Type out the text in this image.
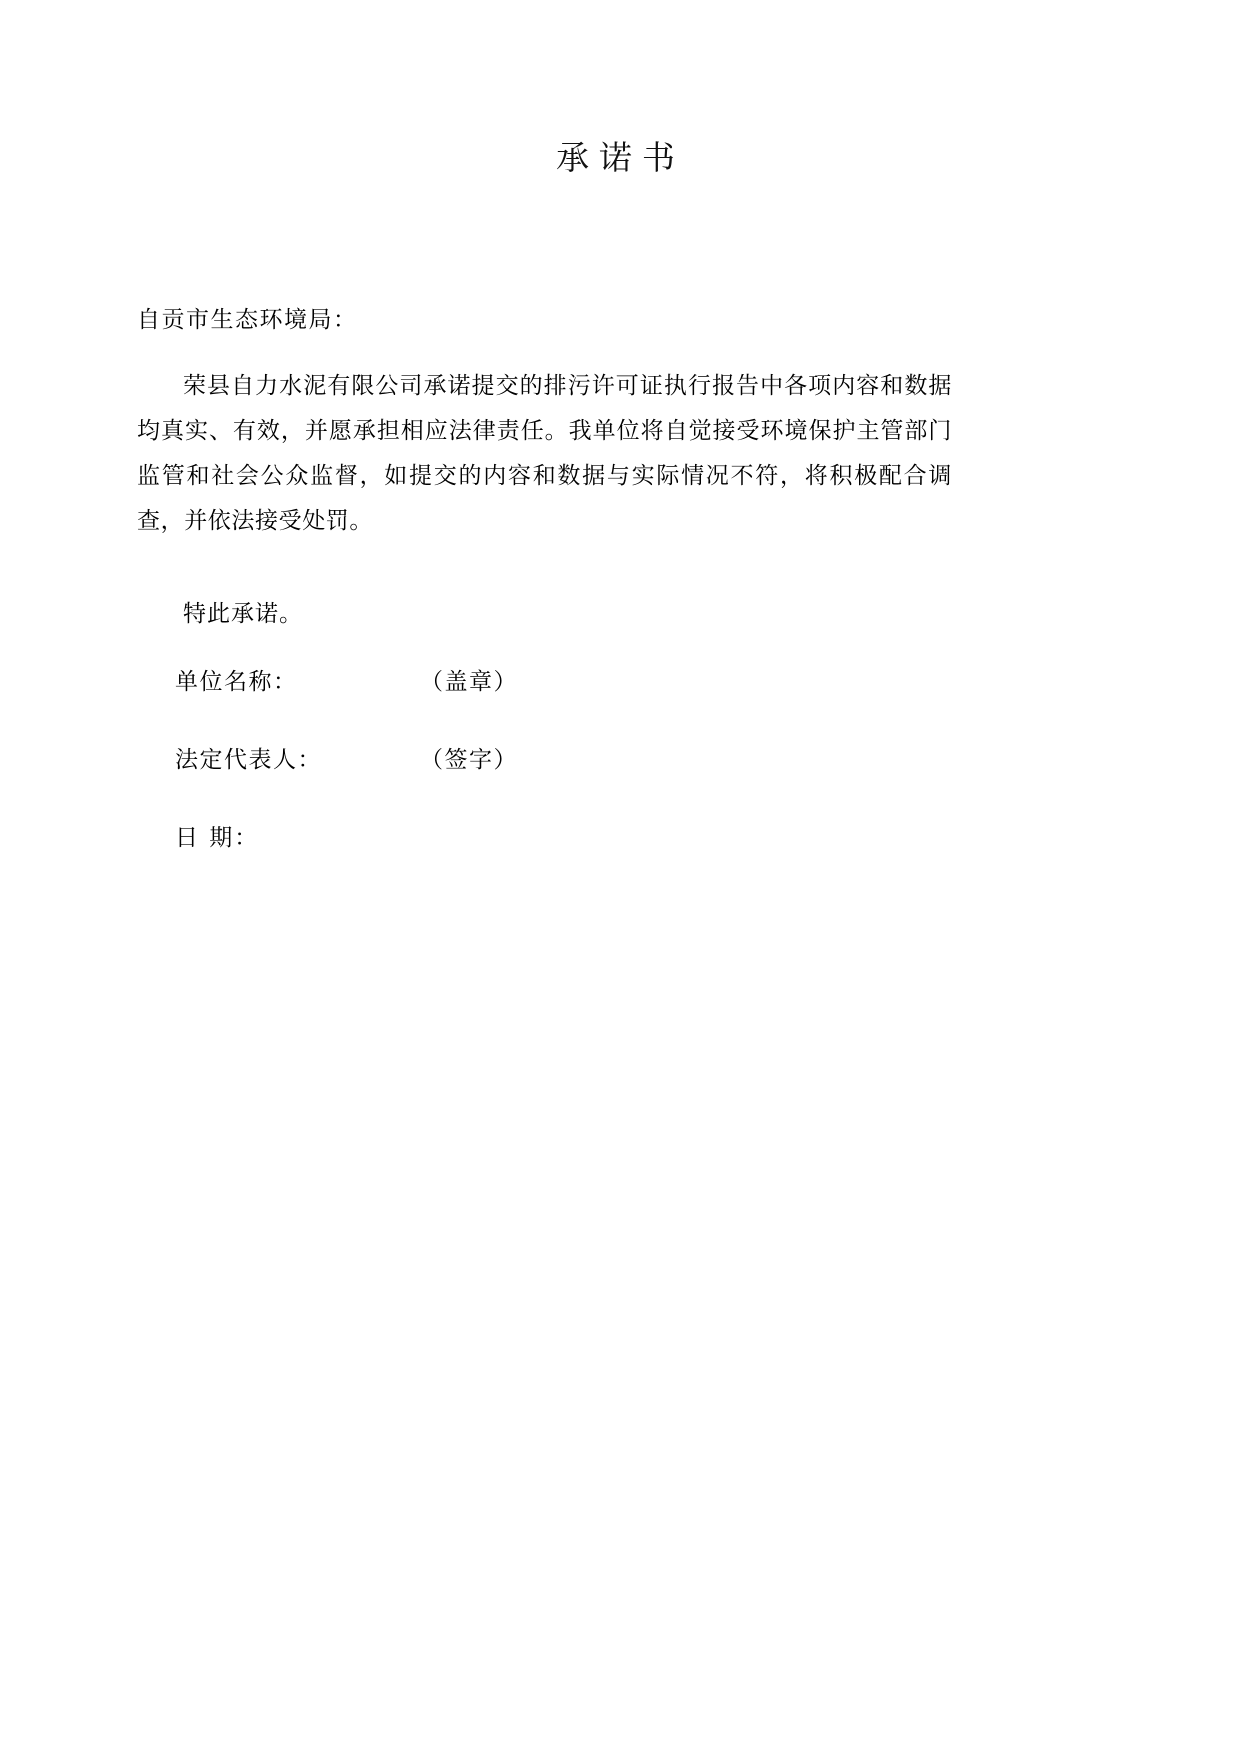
承诺书

自贡市生态环境局：

荣县自力水泥有限公司承诺提交的排污许可证执行报告中各项内容和数据均真实、有效，并愿承担相应法律责任。我单位将自觉接受环境保护主管部门监管和社会公众监督，如提交的内容和数据与实际情况不符，将积极配合调查，并依法接受处罚。

特此承诺。

单位名称：	（盖章）
法定代表人：	（签字）
日 期：
